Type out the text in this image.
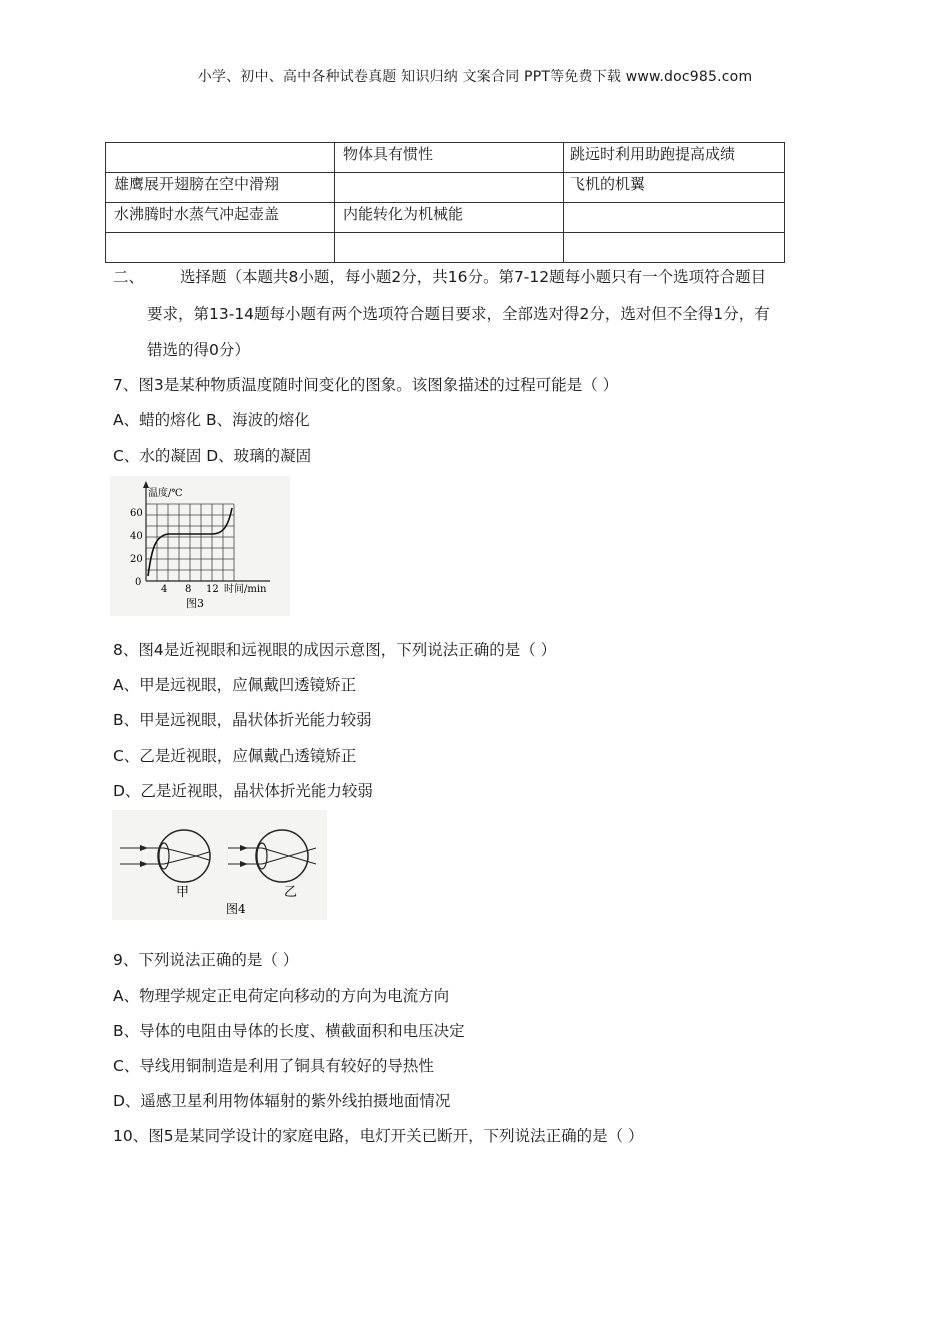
小学、初中、高中各种试卷真题 知识归纳 文案合同 PPT等免费下载 www.doc985.com
	物体具有惯性	跳远时利用助跑提高成绩
雄鹰展开翅膀在空中滑翔		飞机的机翼
水沸腾时水蒸气冲起壶盖	内能转化为机械能	

二、 选择题（本题共8小题，每小题2分，共16分。第7-12题每小题只有一个选项符合题目
要求，第13-14题每小题有两个选项符合题目要求，全部选对得2分，选对但不全得1分，有
错选的得0分）
7、图3是某种物质温度随时间变化的图象。该图象描述的过程可能是（ ）
A、蜡的熔化 B、海波的熔化
C、水的凝固 D、玻璃的凝固
温度/℃
60
40
20
0
4 8 12 时间/min
图3
8、图4是近视眼和远视眼的成因示意图，下列说法正确的是（ ）
A、甲是远视眼，应佩戴凹透镜矫正
B、甲是远视眼，晶状体折光能力较弱
C、乙是近视眼，应佩戴凸透镜矫正
D、乙是近视眼，晶状体折光能力较弱
甲	乙
图4
9、下列说法正确的是（ ）
A、物理学规定正电荷定向移动的方向为电流方向
B、导体的电阻由导体的长度、横截面积和电压决定
C、导线用铜制造是利用了铜具有较好的导热性
D、遥感卫星利用物体辐射的紫外线拍摄地面情况
10、图5是某同学设计的家庭电路，电灯开关已断开，下列说法正确的是（ ）
